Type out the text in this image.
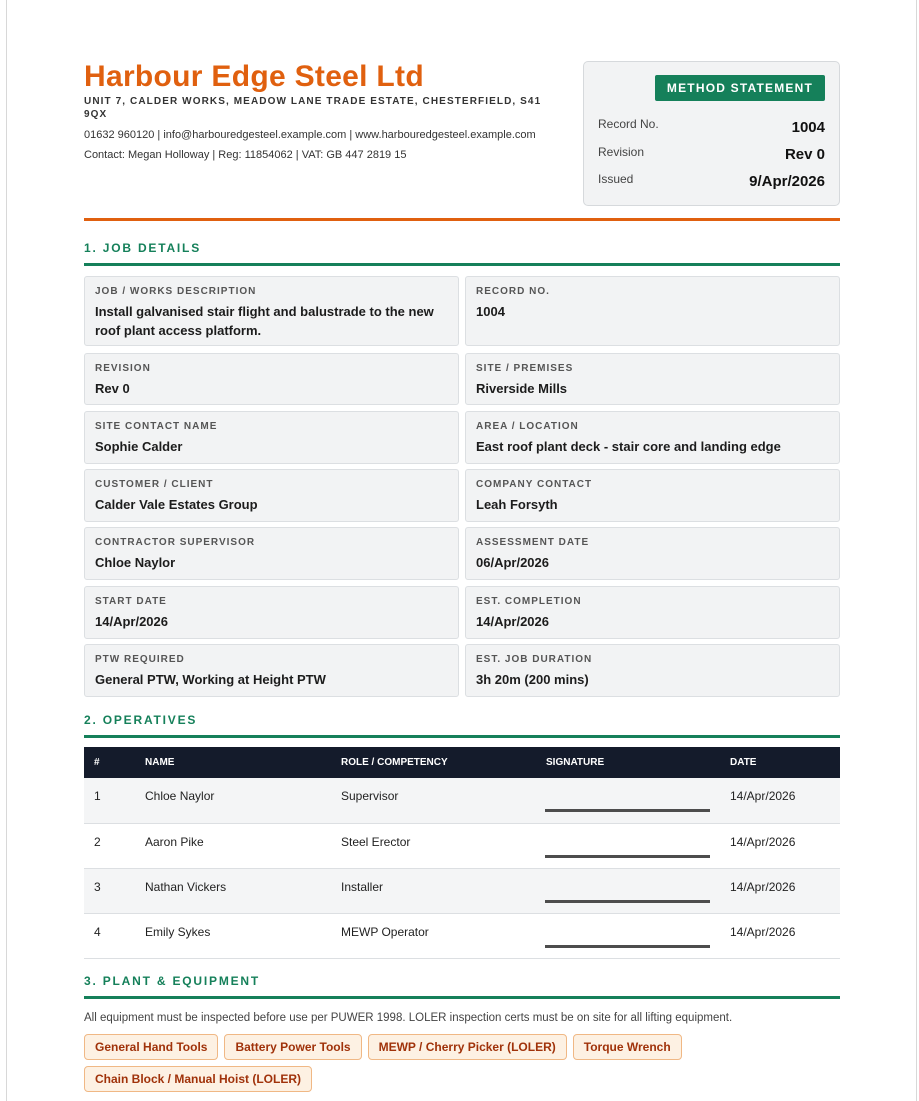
Harbour Edge Steel Ltd
UNIT 7, CALDER WORKS, MEADOW LANE TRADE ESTATE, CHESTERFIELD, S41 9QX
01632 960120 | info@harbouredgesteel.example.com | www.harbouredgesteel.example.com
Contact: Megan Holloway | Reg: 11854062 | VAT: GB 447 2819 15
METHOD STATEMENT
Record No.	1004
Revision	Rev 0
Issued	9/Apr/2026
1. JOB DETAILS
JOB / WORKS DESCRIPTION
Install galvanised stair flight and balustrade to the new roof plant access platform.
RECORD NO.
1004
REVISION
Rev 0
SITE / PREMISES
Riverside Mills
SITE CONTACT NAME
Sophie Calder
AREA / LOCATION
East roof plant deck - stair core and landing edge
CUSTOMER / CLIENT
Calder Vale Estates Group
COMPANY CONTACT
Leah Forsyth
CONTRACTOR SUPERVISOR
Chloe Naylor
ASSESSMENT DATE
06/Apr/2026
START DATE
14/Apr/2026
EST. COMPLETION
14/Apr/2026
PTW REQUIRED
General PTW, Working at Height PTW
EST. JOB DURATION
3h 20m (200 mins)
2. OPERATIVES
#	NAME	ROLE / COMPETENCY	SIGNATURE	DATE
1	Chloe Naylor	Supervisor		14/Apr/2026
2	Aaron Pike	Steel Erector		14/Apr/2026
3	Nathan Vickers	Installer		14/Apr/2026
4	Emily Sykes	MEWP Operator		14/Apr/2026
3. PLANT & EQUIPMENT
All equipment must be inspected before use per PUWER 1998. LOLER inspection certs must be on site for all lifting equipment.
General Hand Tools	Battery Power Tools	MEWP / Cherry Picker (LOLER)	Torque Wrench
Chain Block / Manual Hoist (LOLER)
